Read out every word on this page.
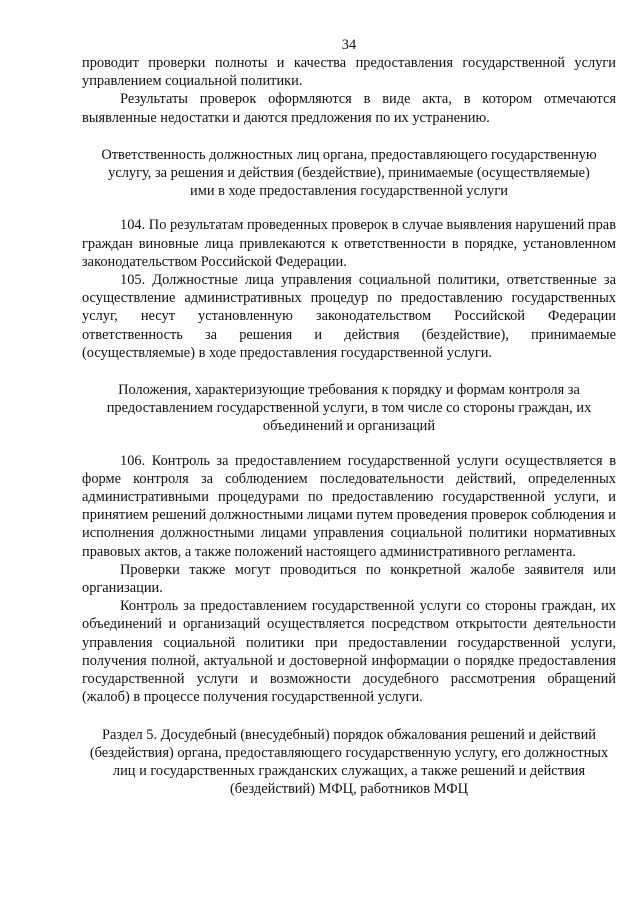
34

проводит проверки полноты и качества предоставления государственной услуги управлением социальной политики.

Результаты проверок оформляются в виде акта, в котором отмечаются выявленные недостатки и даются предложения по их устранению.

Ответственность должностных лиц органа, предоставляющего государственную услугу, за решения и действия (бездействие), принимаемые (осуществляемые) ими в ходе предоставления государственной услуги

104. По результатам проведенных проверок в случае выявления нарушений прав граждан виновные лица привлекаются к ответственности в порядке, установленном законодательством Российской Федерации.

105. Должностные лица управления социальной политики, ответственные за осуществление административных процедур по предоставлению государственных услуг, несут установленную законодательством Российской Федерации ответственность за решения и действия (бездействие), принимаемые (осуществляемые) в ходе предоставления государственной услуги.

Положения, характеризующие требования к порядку и формам контроля за предоставлением государственной услуги, в том числе со стороны граждан, их объединений и организаций

106. Контроль за предоставлением государственной услуги осуществляется в форме контроля за соблюдением последовательности действий, определенных административными процедурами по предоставлению государственной услуги, и принятием решений должностными лицами путем проведения проверок соблюдения и исполнения должностными лицами управления социальной политики нормативных правовых актов, а также положений настоящего административного регламента.

Проверки также могут проводиться по конкретной жалобе заявителя или организации.

Контроль за предоставлением государственной услуги со стороны граждан, их объединений и организаций осуществляется посредством открытости деятельности управления социальной политики при предоставлении государственной услуги, получения полной, актуальной и достоверной информации о порядке предоставления государственной услуги и возможности досудебного рассмотрения обращений (жалоб) в процессе получения государственной услуги.

Раздел 5. Досудебный (внесудебный) порядок обжалования решений и действий (бездействия) органа, предоставляющего государственную услугу, его должностных лиц и государственных гражданских служащих, а также решений и действия (бездействий) МФЦ, работников МФЦ
